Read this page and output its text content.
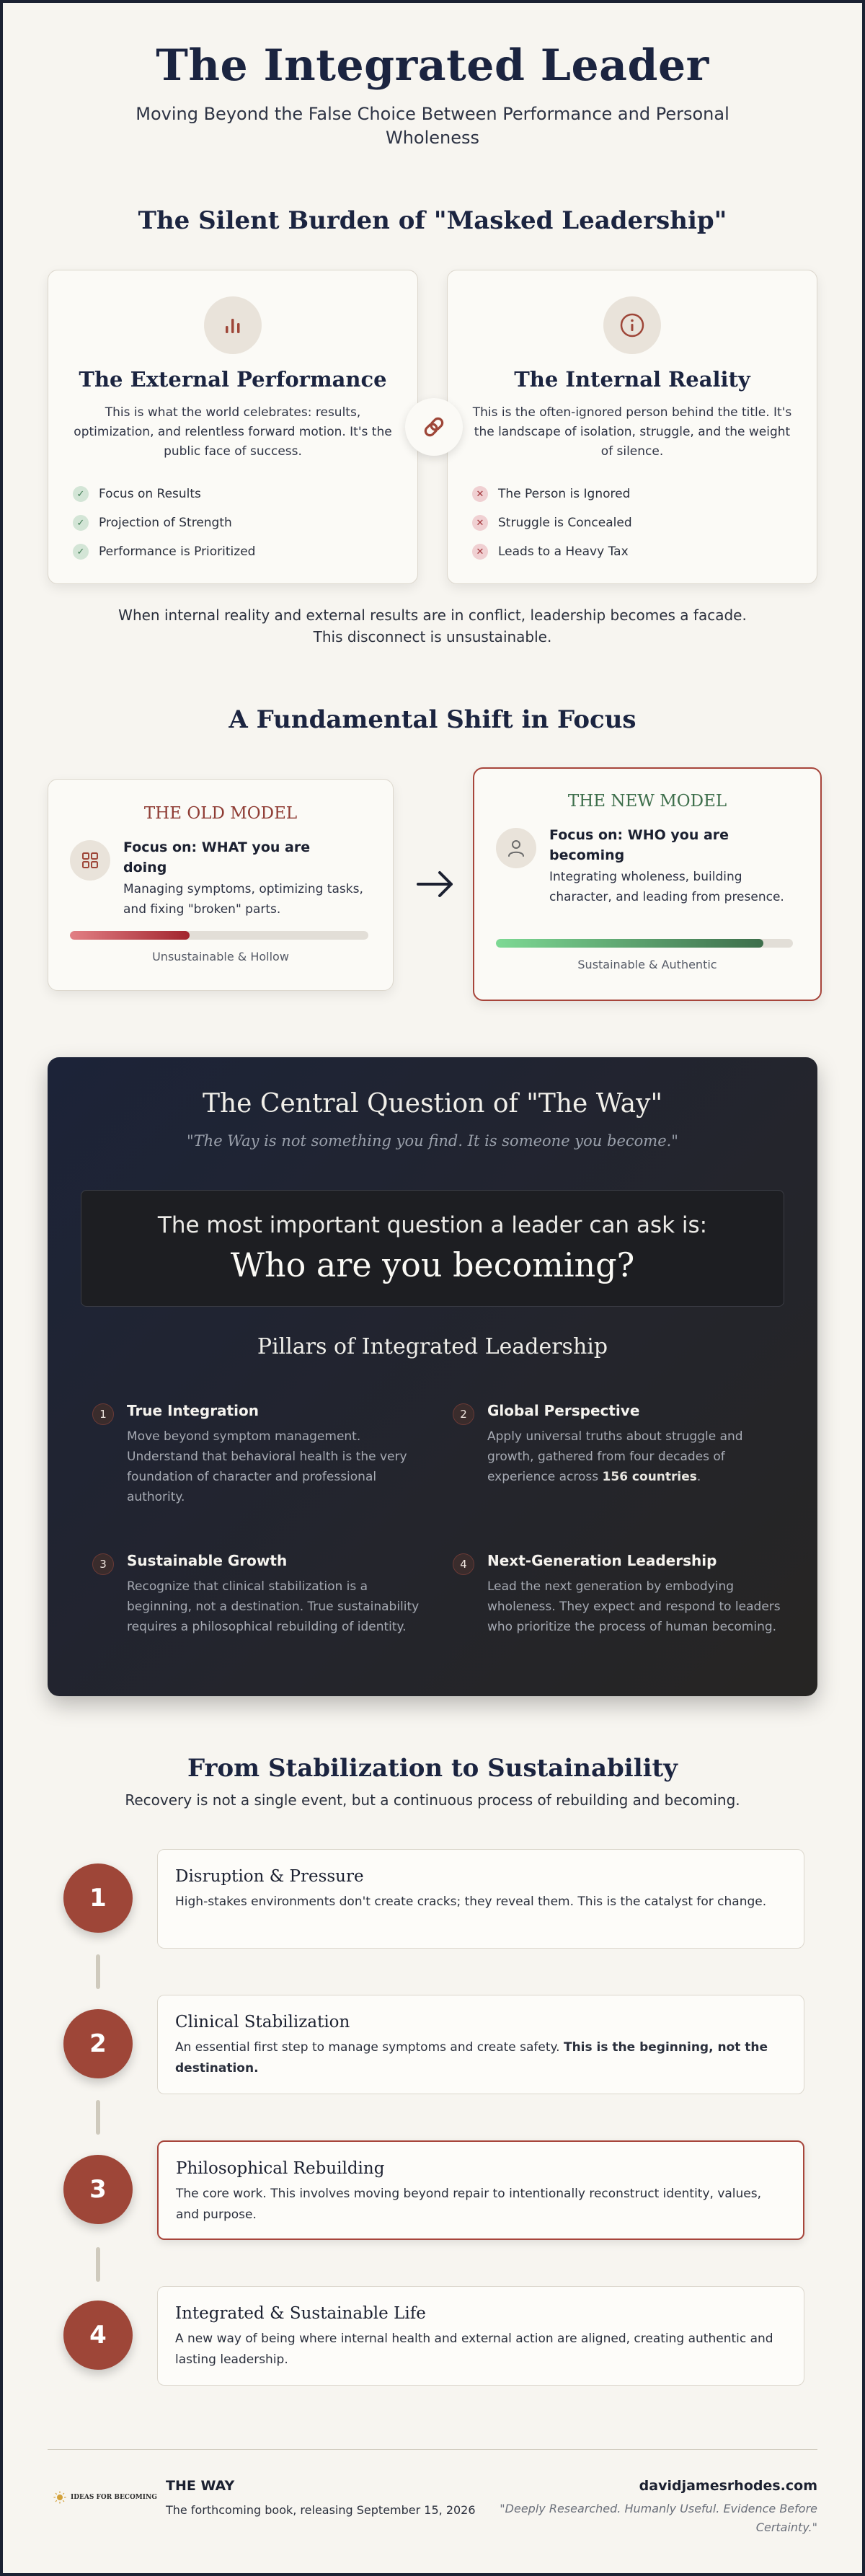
The Integrated Leader

Moving Beyond the False Choice Between Performance and Personal Wholeness

The Silent Burden of "Masked Leadership"
The External Performance

This is what the world celebrates: results, optimization, and relentless forward motion. It's the public face of success.

✓	Focus on Results
✓	Projection of Strength
✓	Performance is Prioritized
The Internal Reality

This is the often-ignored person behind the title. It's the landscape of isolation, struggle, and the weight of silence.

✕	The Person is Ignored
✕	Struggle is Concealed
✕	Leads to a Heavy Tax
When internal reality and external results are in conflict, leadership becomes a facade.
This disconnect is unsustainable.
A Fundamental Shift in Focus
THE OLD MODEL
Focus on: WHAT you are doing
Managing symptoms, optimizing tasks, and fixing "broken" parts.
Unsustainable & Hollow
THE NEW MODEL
Focus on: WHO you are becoming
Integrating wholeness, building character, and leading from presence.
Sustainable & Authentic
The Central Question of "The Way"
"The Way is not something you find. It is someone you become."
The most important question a leader can ask is:
Who are you becoming?
Pillars of Integrated Leadership
1	True Integration
Move beyond symptom management. Understand that behavioral health is the very foundation of character and professional authority.
2	Global Perspective
Apply universal truths about struggle and growth, gathered from four decades of experience across 156 countries.
3	Sustainable Growth
Recognize that clinical stabilization is a beginning, not a destination. True sustainability requires a philosophical rebuilding of identity.
4	Next-Generation Leadership
Lead the next generation by embodying wholeness. They expect and respond to leaders who prioritize the process of human becoming.
From Stabilization to Sustainability

Recovery is not a single event, but a continuous process of rebuilding and becoming.

1
Disruption & Pressure
High-stakes environments don't create cracks; they reveal them. This is the catalyst for change.
2
Clinical Stabilization
An essential first step to manage symptoms and create safety. This is the beginning, not the destination.
3
Philosophical Rebuilding
The core work. This involves moving beyond repair to intentionally reconstruct identity, values, and purpose.
4
Integrated & Sustainable Life
A new way of being where internal health and external action are aligned, creating authentic and lasting leadership.
IDEAS FOR BECOMING
THE WAY
The forthcoming book, releasing September 15, 2026
davidjamesrhodes.com
"Deeply Researched. Humanly Useful. Evidence Before Certainty."
